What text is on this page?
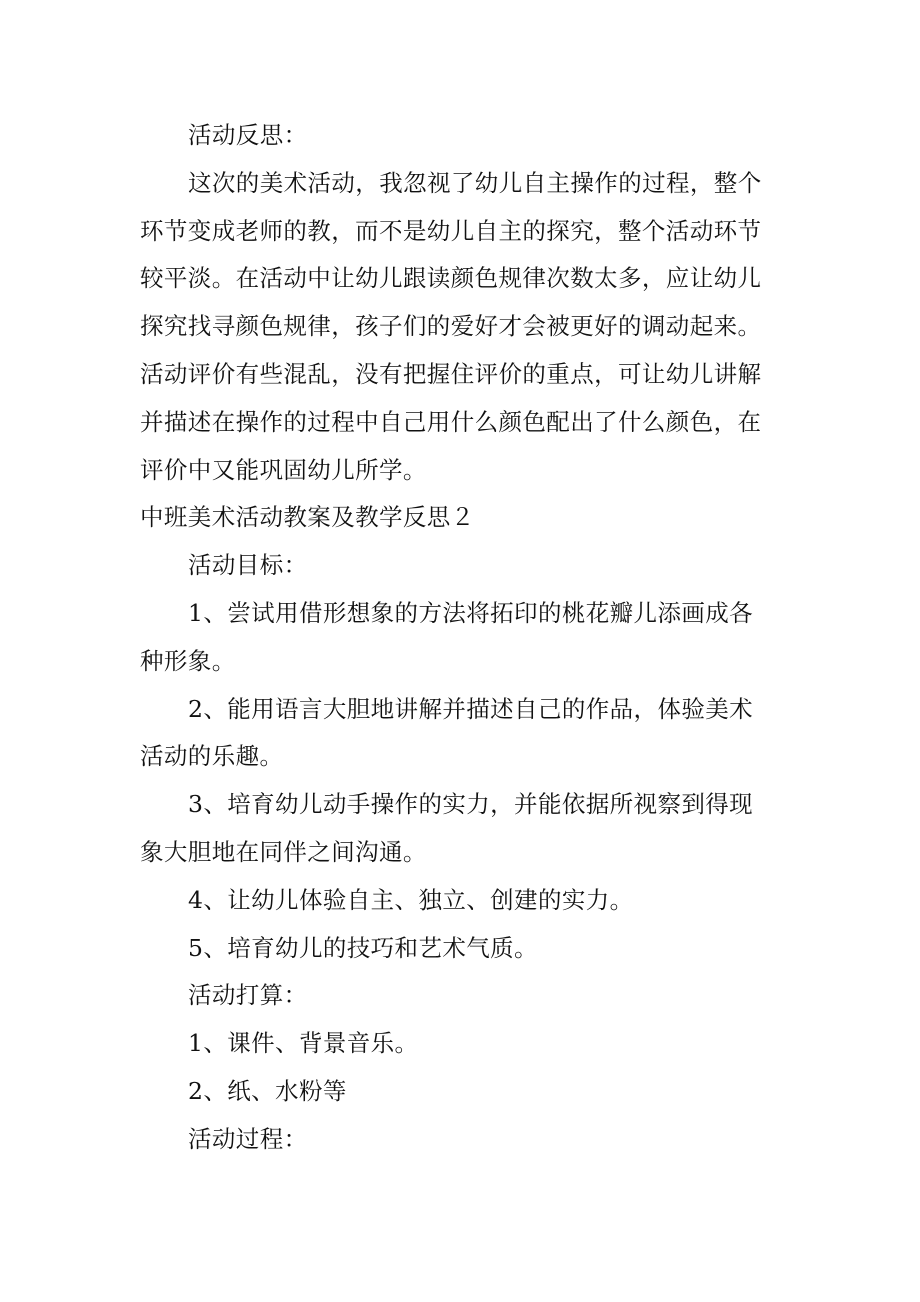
活动反思：

这次的美术活动，我忽视了幼儿自主操作的过程，整个

环节变成老师的教，而不是幼儿自主的探究，整个活动环节

较平淡。在活动中让幼儿跟读颜色规律次数太多，应让幼儿

探究找寻颜色规律，孩子们的爱好才会被更好的调动起来。

活动评价有些混乱，没有把握住评价的重点，可让幼儿讲解

并描述在操作的过程中自己用什么颜色配出了什么颜色，在

评价中又能巩固幼儿所学。

中班美术活动教案及教学反思２

活动目标：

1、尝试用借形想象的方法将拓印的桃花瓣儿添画成各

种形象。

2、能用语言大胆地讲解并描述自己的作品，体验美术

活动的乐趣。

3、培育幼儿动手操作的实力，并能依据所视察到得现

象大胆地在同伴之间沟通。

4、让幼儿体验自主、独立、创建的实力。

5、培育幼儿的技巧和艺术气质。

活动打算：

1、课件、背景音乐。

2、纸、水粉等

活动过程：
